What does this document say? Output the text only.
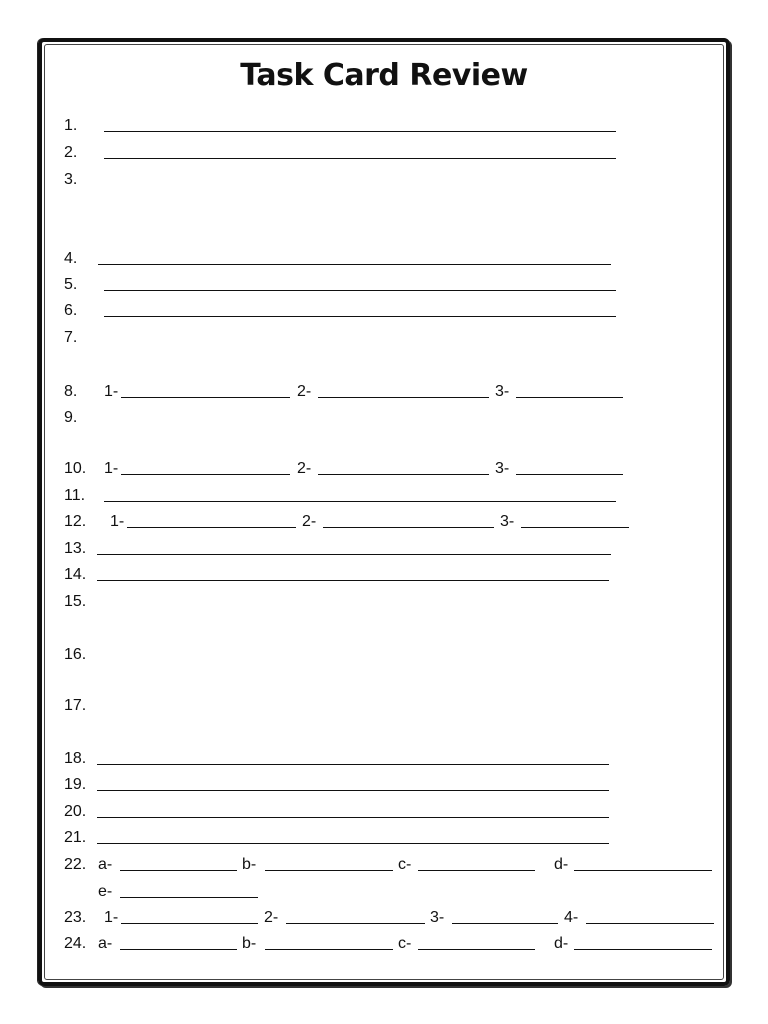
Task Card Review
1.
2.
3.
4.
5.
6.
7.
8. 1-	2-	3-
9.
10. 1-	2-	3-
11.
12. 1-	2-	3-
13.
14.
15.
16.
17.
18.
19.
20.
21.
22. a-	b-	c-	d-
e-
23. 1-	2-	3-	4-
24. a-	b-	c-	d-
